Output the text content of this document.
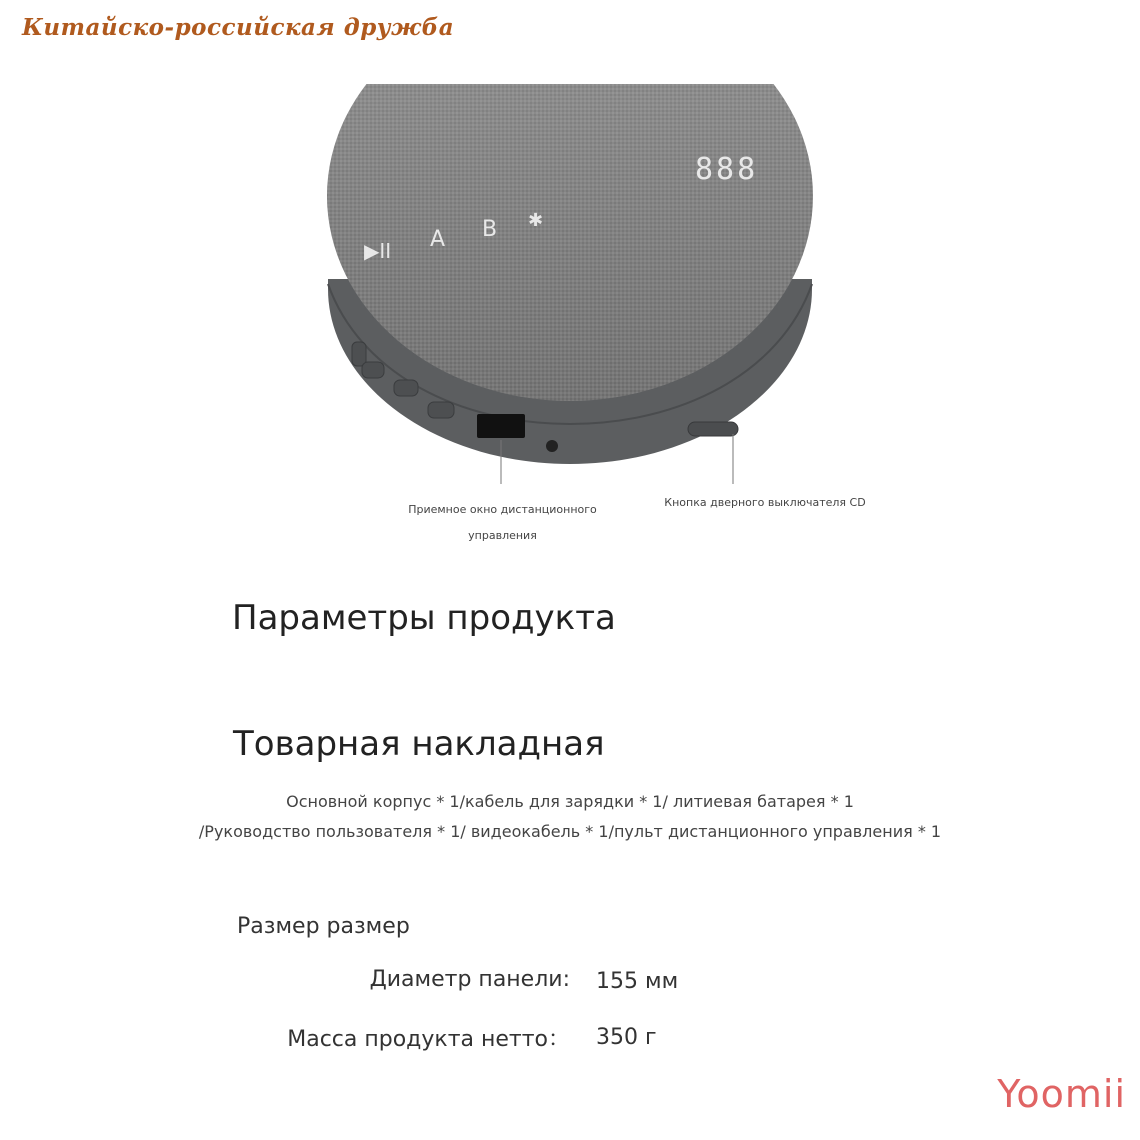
Китайско-российская дружба
888
▶II A B ✱
Приемное окно дистанционного
управления
Кнопка дверного выключателя CD
Параметры продукта
Товарная накладная
Основной корпус * 1/кабель для зарядки * 1/ литиевая батарея * 1
/Руководство пользователя * 1/ видеокабель * 1/пульт дистанционного управления * 1
Размер размер
Диаметр панели: 155 мм
Масса продукта нетто： 350 г
Yoomii
